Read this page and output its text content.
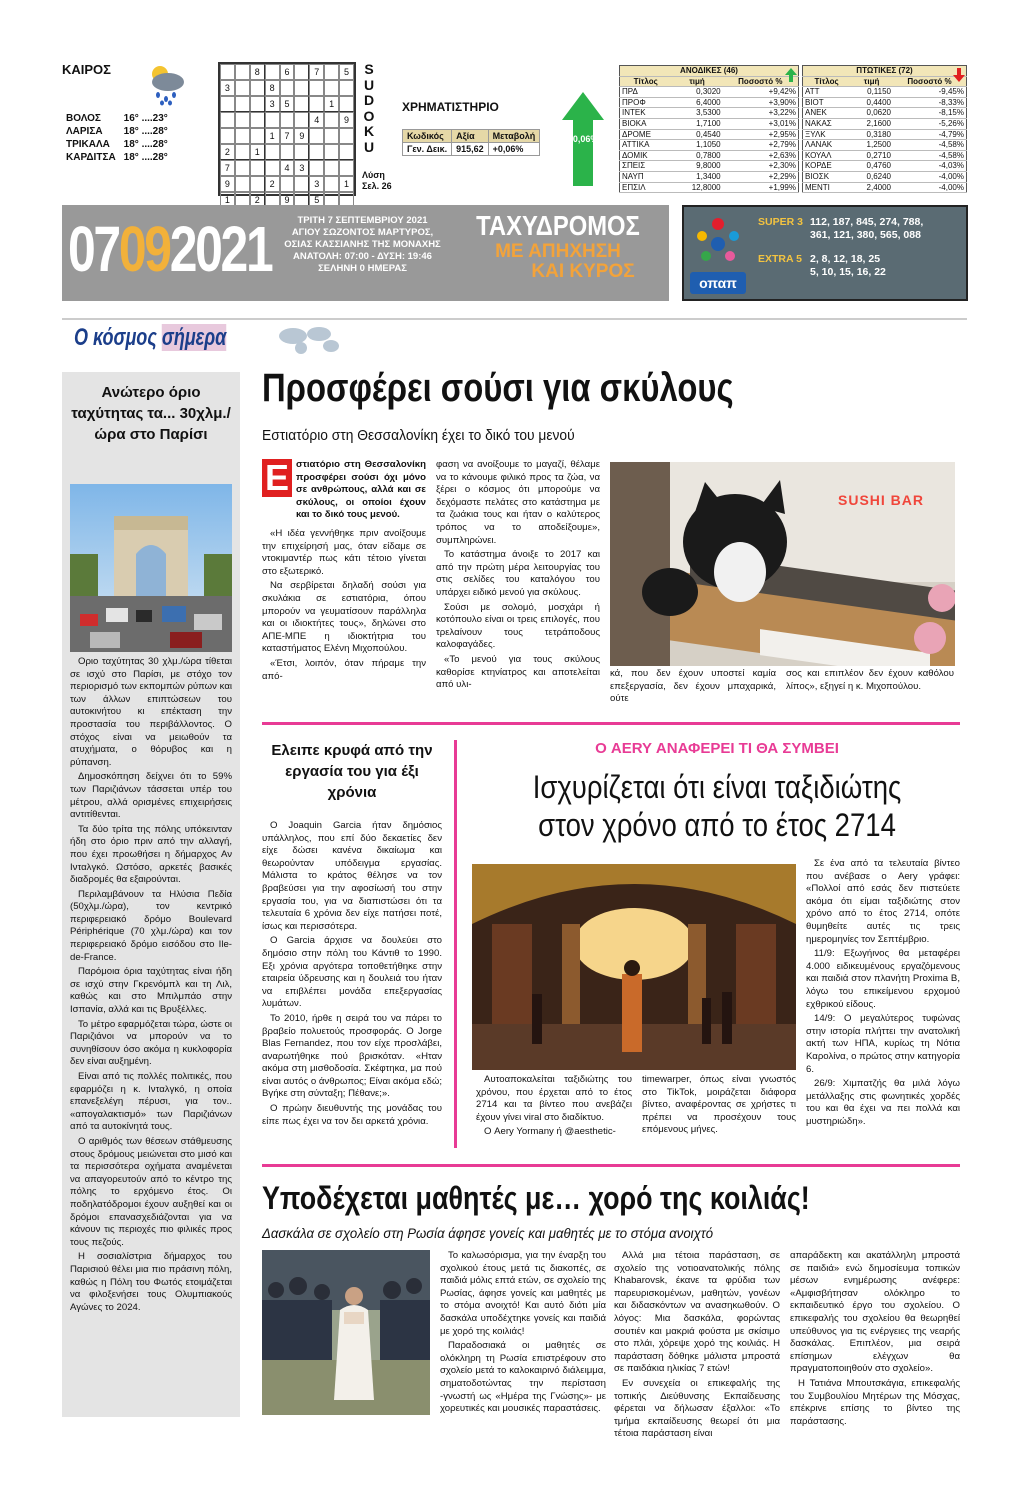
ΚΑΙΡΟΣ
ΒΟΛΟΣ	16° ....23°
ΛΑΡΙΣΑ	18° ....28°
ΤΡΙΚΑΛΑ	18° ....28°
ΚΑΡΔΙΤΣΑ	18° ....28°
8	6	7	5
3	8
3	5	1
4	9
1	7	9
2	1
7	4	3
9	2	3	1
1	2	9	5
S
U
D
O
K
U
Λύση
Σελ. 26
ΧΡΗΜΑΤΙΣΤΗΡΙΟ
Κωδικός	Αξία	Μεταβολή
Γεν. Δεικ.	915,62	+0,06%
+0,06%
ΑΝΟΔΙΚΕΣ (46)		
Τίτλος	τιμή	Ποσοστό %
ΠΡΔ	0,3020	+9,42%
ΠΡΟΦ	6,4000	+3,90%
ΙΝΤΕΚ	3,5300	+3,22%
ΒΙΟΚΑ	1,7100	+3,01%
ΔΡΟΜΕ	0,4540	+2,95%
ΑΤΤΙΚΑ	1,1050	+2,79%
ΔΟΜΙΚ	0,7800	+2,63%
ΣΠΕΙΣ	9,8000	+2,30%
ΝΑΥΠ	1,3400	+2,29%
ΕΠΣΙΛ	12,8000	+1,99%
ΠΤΩΤΙΚΕΣ (72)		
Τίτλος	τιμή	Ποσοστό %
ΑΤΤ	0,1150	-9,45%
ΒΙΟΤ	0,4400	-8,33%
ΑΝΕΚ	0,0620	-8,15%
ΝΑΚΑΣ	2,1600	-5,26%
ΞΥΛΚ	0,3180	-4,79%
ΛΑΝΑΚ	1,2500	-4,58%
ΚΟΥΑΛ	0,2710	-4,58%
ΚΟΡΔΕ	0,4760	-4,03%
ΒΙΟΣΚ	0,6240	-4,00%
ΜΕΝΤΙ	2,4000	-4,00%
07092021	ΤΡΙΤΗ 7 ΣΕΠΤΕΜΒΡΙΟΥ 2021
ΑΓΙΟΥ ΣΩΖΟΝΤΟΣ ΜΑΡΤΥΡΟΣ,
ΟΣΙΑΣ ΚΑΣΣΙΑΝΗΣ ΤΗΣ ΜΟΝΑΧΗΣ
ΑΝΑΤΟΛΗ: 07:00 - ΔΥΣΗ: 19:46
ΣΕΛΗΝΗ 0 ΗΜΕΡΑΣ
ΤΑΧΥΔΡΟΜΟΣ
ΜΕ ΑΠΗΧΗΣΗ
ΚΑΙ ΚΥΡΟΣ
οπαπ
SUPER 3 112, 187, 845, 274, 788,
361, 121, 380, 565, 088
EXTRA 5 2, 8, 12, 18, 25
5, 10, 15, 16, 22
Ο κόσμος σήμερα
Ανώτερο όριο ταχύτητας τα... 30χλμ./ώρα στο Παρίσι

Οριο ταχύτητας 30 χλμ./ώρα τίθεται σε ισχύ στο Παρίσι, με στόχο τον περιορισμό των εκπομπών ρύπων και των άλλων επιπτώσεων του αυτοκινήτου κι επέκταση την προστασία του περιβάλλοντος. Ο στόχος είναι να μειωθούν τα ατυχήματα, ο θόρυβος και η ρύπανση.

Δημοσκόπηση δείχνει ότι το 59% των Παριζιάνων τάσσεται υπέρ του μέτρου, αλλά ορισμένες επιχειρήσεις αντιτίθενται.

Τα δύο τρίτα της πόλης υπόκεινταν ήδη στο όριο πριν από την αλλαγή, που έχει προωθήσει η δήμαρχος Αν Ινταλγκό. Ωστόσο, αρκετές βασικές διαδρομές θα εξαιρούνται.

Περιλαμβάνουν τα Ηλύσια Πεδία (50χλμ./ώρα), τον κεντρικό περιφερειακό δρόμο Boulevard Périphérique (70 χλμ./ώρα) και τον περιφερειακό δρόμο εισόδου στο Ile-de-France.

Παρόμοια όρια ταχύτητας είναι ήδη σε ισχύ στην Γκρενόμπλ και τη Λιλ, καθώς και στο Μπιλμπάο στην Ισπανία, αλλά και τις Βρυξέλλες.

Το μέτρο εφαρμόζεται τώρα, ώστε οι Παριζιάνοι να μπορούν να το συνηθίσουν όσο ακόμα η κυκλοφορία δεν είναι αυξημένη.

Είναι από τις πολλές πολιτικές, που εφαρμόζει η κ. Ινταλγκό, η οποία επανεξελέγη πέρυσι, για τον.. «απογαλακτισμό» των Παριζιάνων από τα αυτοκίνητά τους.

Ο αριθμός των θέσεων στάθμευσης στους δρόμους μειώνεται στο μισό και τα περισσότερα οχήματα αναμένεται να απαγορευτούν από το κέντρο της πόλης το ερχόμενο έτος. Οι ποδηλατόδρομοι έχουν αυξηθεί και οι δρόμοι επανασχεδιάζονται για να κάνουν τις περιοχές πιο φιλικές προς τους πεζούς.

Η σοσιαλίστρια δήμαρχος του Παρισιού θέλει μια πιο πράσινη πόλη, καθώς η Πόλη του Φωτός ετοιμάζεται να φιλοξενήσει τους Ολυμπιακούς Αγώνες το 2024.

Προσφέρει σούσι για σκύλους
Εστιατόριο στη Θεσσαλονίκη έχει το δικό του μενού
Ε στιατόριο στη Θεσσαλονίκη προσφέρει σούσι όχι μόνο σε ανθρώπους, αλλά και σε σκύλους, οι οποίοι έχουν και το δικό τους μενού.

«Η ιδέα γεννήθηκε πριν ανοίξουμε την επιχείρησή μας, όταν είδαμε σε ντοκιμαντέρ πως κάτι τέτοιο γίνεται στο εξωτερικό.

Να σερβίρεται δηλαδή σούσι για σκυλάκια σε εστιατόρια, όπου μπορούν να γευματίσουν παράλληλα και οι ιδιοκτήτες τους», δηλώνει στο ΑΠΕ-ΜΠΕ η ιδιοκτήτρια του καταστήματος Ελένη Μιχοπούλου.

«Έτσι, λοιπόν, όταν πήραμε την από-

φαση να ανοίξουμε το μαγαζί, θέλαμε να το κάνουμε φιλικό προς τα ζώα, να ξέρει ο κόσμος ότι μπορούμε να δεχόμαστε πελάτες στο κατάστημα με τα ζωάκια τους και ήταν ο καλύτερος τρόπος να το αποδείξουμε», συμπληρώνει.

Το κατάστημα άνοιξε το 2017 και από την πρώτη μέρα λειτουργίας του στις σελίδες του καταλόγου του υπάρχει ειδικό μενού για σκύλους.

Σούσι με σολομό, μοσχάρι ή κοτόπουλο είναι οι τρεις επιλογές, που τρελαίνουν τους τετράποδους καλοφαγάδες.

«Το μενού για τους σκύλους καθορίσε κτηνίατρος και αποτελείται από υλι-

SUSHI BAR

κά, που δεν έχουν υποστεί καμία επεξεργασία, δεν έχουν μπαχαρικά, ούτε

σος και επιπλέον δεν έχουν καθόλου λίπος», εξηγεί η κ. Μιχοπούλου.

Ελειπε κρυφά από την εργασία του για έξι χρόνια

Ο Joaquin Garcia ήταν δημόσιος υπάλληλος, που επί δύο δεκαετίες δεν είχε δώσει κανένα δικαίωμα και θεωρούνταν υπόδειγμα εργασίας. Μάλιστα το κράτος θέλησε να τον βραβεύσει για την αφοσίωσή του στην εργασία του, για να διαπιστώσει ότι τα τελευταία 6 χρόνια δεν είχε πατήσει ποτέ, ίσως και περισσότερα.

Ο Garcia άρχισε να δουλεύει στο δημόσιο στην πόλη του Κάντιθ το 1990. Εξι χρόνια αργότερα τοποθετήθηκε στην εταιρεία ύδρευσης και η δουλειά του ήταν να επιβλέπει μονάδα επεξεργασίας λυμάτων.

Το 2010, ήρθε η σειρά του να πάρει το βραβείο πολυετούς προσφοράς. Ο Jorge Blas Fernandez, που τον είχε προσλάβει, αναρωτήθηκε πού βρισκόταν. «Ηταν ακόμα στη μισθοδοσία. Σκέφτηκα, μα πού είναι αυτός ο άνθρωπος; Είναι ακόμα εδώ; Βγήκε στη σύνταξη; Πέθανε;».

Ο πρώην διευθυντής της μονάδας του είπε πως έχει να τον δει αρκετά χρόνια.

Ο AERY ΑΝΑΦΕΡΕΙ ΤΙ ΘΑ ΣΥΜΒΕΙ
Ισχυρίζεται ότι είναι ταξιδιώτης
στον χρόνο από το έτος 2714

Αυτοαποκαλείται ταξιδιώτης του χρόνου, που έρχεται από το έτος 2714 και τα βίντεο που ανεβάζει έχουν γίνει viral στο διαδίκτυο.

Ο Aery Yormany ή @aesthetic-

timewarper, όπως είναι γνωστός στο TikTok, μοιράζεται διάφορα βίντεο, αναφέροντας σε χρήστες τι πρέπει να προσέχουν τους επόμενους μήνες.

Σε ένα από τα τελευταία βίντεο που ανέβασε ο Aery γράφει: «Πολλοί από εσάς δεν πιστεύετε ακόμα ότι είμαι ταξιδιώτης στον χρόνο από το έτος 2714, οπότε θυμηθείτε αυτές τις τρεις ημερομηνίες τον Σεπτέμβριο.

11/9: Εξωγήινος θα μεταφέρει 4.000 ειδικευμένους εργαζόμενους και παιδιά στον πλανήτη Proxima B, λόγω του επικείμενου ερχομού εχθρικού είδους.

14/9: Ο μεγαλύτερος τυφώνας στην ιστορία πλήττει την ανατολική ακτή των ΗΠΑ, κυρίως τη Νότια Καρολίνα, ο πρώτος στην κατηγορία 6.

26/9: Χιμπατζής θα μιλά λόγω μετάλλαξης στις φωνητικές χορδές του και θα έχει να πει πολλά και μυστηριώδη».

Υποδέχεται μαθητές με… χορό της κοιλιάς!
Δασκάλα σε σχολείο στη Ρωσία άφησε γονείς και μαθητές με το στόμα ανοιχτό

Το καλωσόρισμα, για την έναρξη του σχολικού έτους μετά τις διακοπές, σε παιδιά μόλις επτά ετών, σε σχολείο της Ρωσίας, άφησε γονείς και μαθητές με το στόμα ανοιχτό! Και αυτό διότι μία δασκάλα υποδέχτηκε γονείς και παιδιά με χορό της κοιλιάς!

Παραδοσιακά οι μαθητές σε ολόκληρη τη Ρωσία επιστρέφουν στο σχολείο μετά το καλοκαιρινό διάλειμμα, σηματοδοτώντας την περίσταση -γνωστή ως «Ημέρα της Γνώσης»- με χορευτικές και μουσικές παραστάσεις.

Αλλά μια τέτοια παράσταση, σε σχολείο της νοτιοανατολικής πόλης Khabarovsk, έκανε τα φρύδια των παρευρισκομένων, μαθητών, γονέων και διδασκόντων να ανασηκωθούν. Ο λόγος: Μια δασκάλα, φορώντας σουτιέν και μακριά φούστα με σκίσιμο στο πλάι, χόρεψε χορό της κοιλιάς. Η παράσταση δόθηκε μάλιστα μπροστά σε παιδάκια ηλικίας 7 ετών!

Εν συνεχεία οι επικεφαλής της τοπικής Διεύθυνσης Εκπαίδευσης φέρεται να δήλωσαν έξαλλοι: «Το τμήμα εκπαίδευσης θεωρεί ότι μια τέτοια παράσταση είναι

απαράδεκτη και ακατάλληλη μπροστά σε παιδιά» ενώ δημοσίευμα τοπικών μέσων ενημέρωσης ανέφερε: «Αμφισβήτησαν ολόκληρο το εκπαιδευτικό έργο του σχολείου. Ο επικεφαλής του σχολείου θα θεωρηθεί υπεύθυνος για τις ενέργειες της νεαρής δασκάλας. Επιπλέον, μια σειρά επίσημων ελέγχων θα πραγματοποιηθούν στο σχολείο».

Η Τατιάνα Μπουτσκάγια, επικεφαλής του Συμβουλίου Μητέρων της Μόσχας, επέκρινε επίσης το βίντεο της παράστασης.
